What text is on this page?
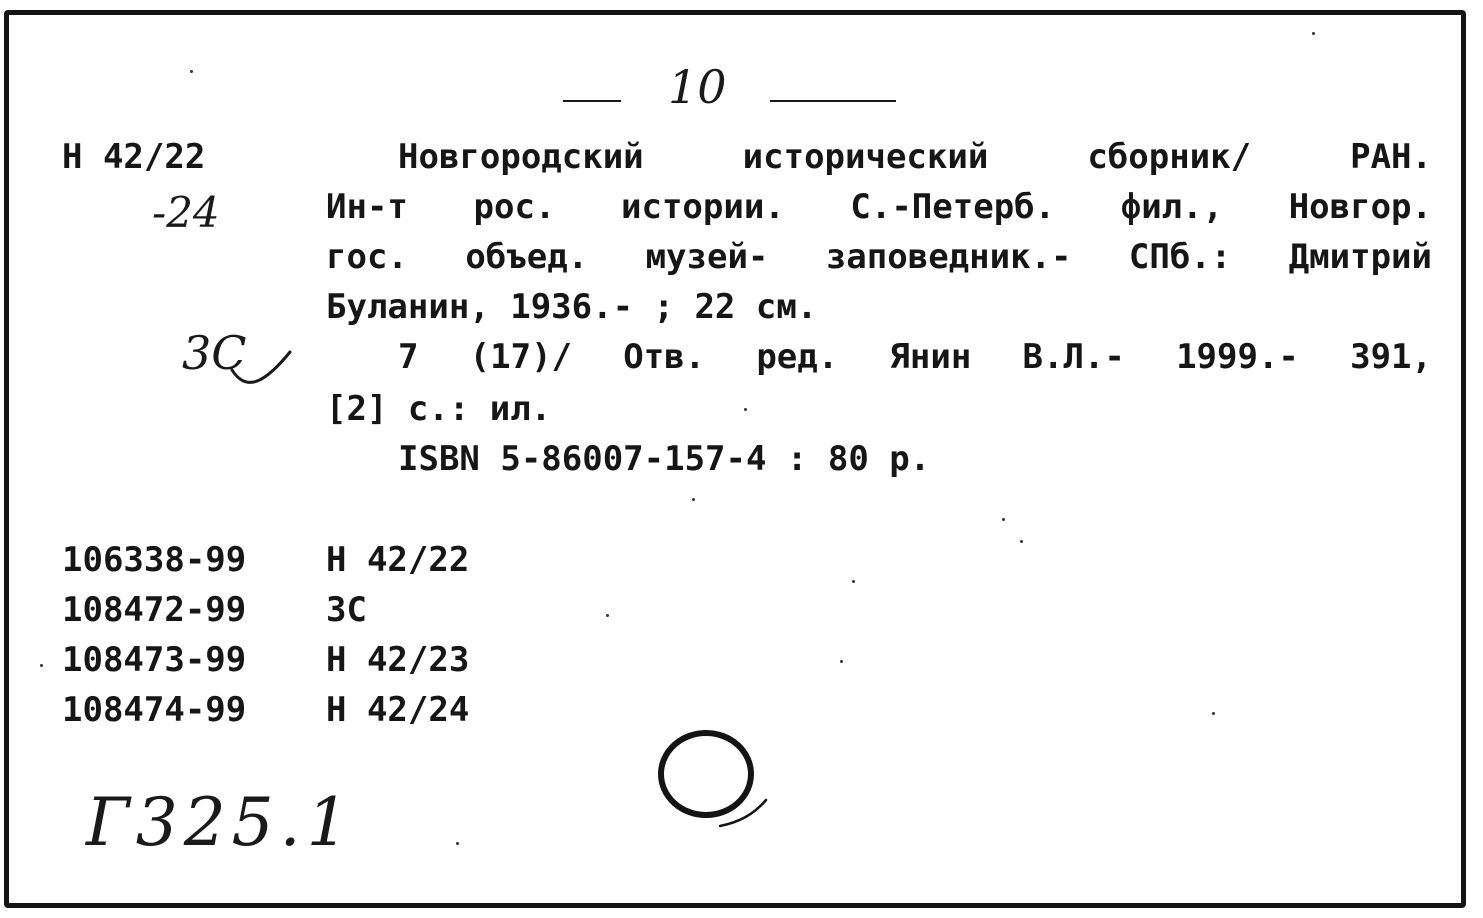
10
Н 42/22
-24
3С
Новгородский исторический сборник/ РАН.
Ин-т рос. истории. С.-Петерб. фил., Новгор.
гос. объед. музей- заповедник.- СПб.: Дмитрий
Буланин, 1936.- ; 22 см.
7 (17)/ Отв. ред. Янин В.Л.- 1999.- 391,
[2] с.: ил.
ISBN 5-86007-157-4 : 80 р.
106338-99 Н 42/22
108472-99 3С
108473-99 Н 42/23
108474-99 Н 42/24
Г325.1
